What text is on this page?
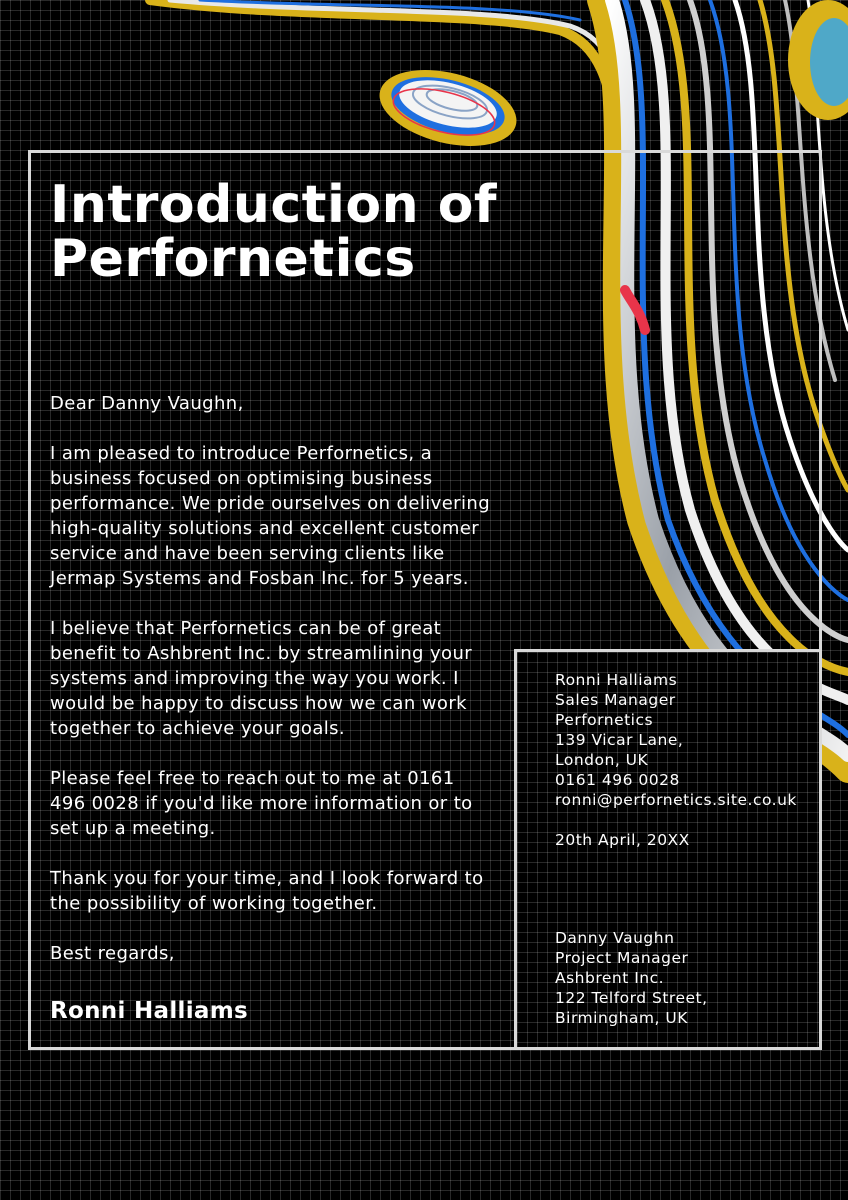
Introduction of
Perfornetics

Dear Danny Vaughn,

I am pleased to introduce Perfornetics, a business focused on optimising business performance. We pride ourselves on delivering high-quality solutions and excellent customer service and have been serving clients like Jermap Systems and Fosban Inc. for 5 years.

I believe that Perfornetics can be of great benefit to Ashbrent Inc. by streamlining your systems and improving the way you work. I would be happy to discuss how we can work together to achieve your goals.

Please feel free to reach out to me at 0161 496 0028 if you'd like more information or to set up a meeting.

Thank you for your time, and I look forward to the possibility of working together.

Best regards,

Ronni Halliams
Ronni Halliams
Sales Manager
Perfornetics
139 Vicar Lane,
London, UK
0161 496 0028
ronni@perfornetics.site.co.uk
20th April, 20XX
Danny Vaughn
Project Manager
Ashbrent Inc.
122 Telford Street,
Birmingham, UK
